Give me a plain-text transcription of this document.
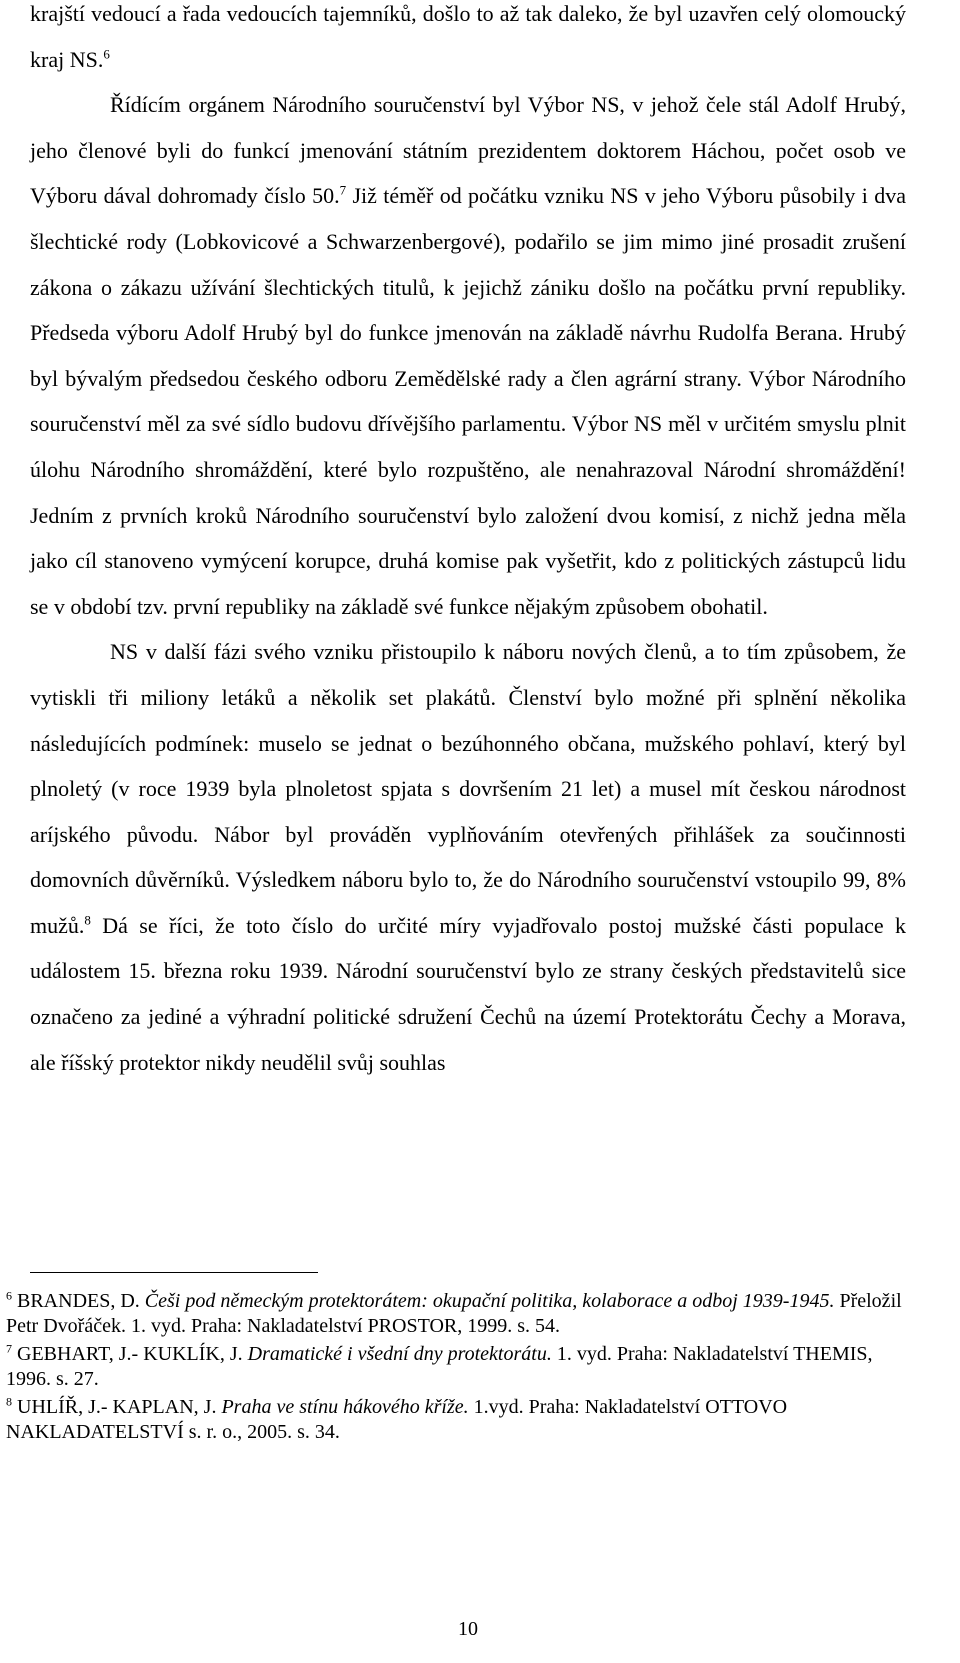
krajští vedoucí a řada vedoucích tajemníků, došlo to až tak daleko, že byl uzavřen celý olomoucký kraj NS.$^6$

Řídícím orgánem Národního souručenství byl Výbor NS, v jehož čele stál Adolf Hrubý, jeho členové byli do funkcí jmenování státním prezidentem doktorem Háchou, počet osob ve Výboru dával dohromady číslo 50.$^7$ Již téměř od počátku vzniku NS v jeho Výboru působily i dva šlechtické rody (Lobkovicové a Schwarzenbergové), podařilo se jim mimo jiné prosadit zrušení zákona o zákazu užívání šlechtických titulů, k jejichž zániku došlo na počátku první republiky. Předseda výboru Adolf Hrubý byl do funkce jmenován na základě návrhu Rudolfa Berana. Hrubý byl bývalým předsedou českého odboru Zemědělské rady a člen agrární strany. Výbor Národního souručenství měl za své sídlo budovu dřívějšího parlamentu. Výbor NS měl v určitém smyslu plnit úlohu Národního shromáždění, které bylo rozpuštěno, ale nenahrazoval Národní shromáždění! Jedním z prvních kroků Národního souručenství bylo založení dvou komisí, z nichž jedna měla jako cíl stanoveno vymýcení korupce, druhá komise pak vyšetřit, kdo z politických zástupců lidu se v období tzv. první republiky na základě své funkce nějakým způsobem obohatil.

NS v další fázi svého vzniku přistoupilo k náboru nových členů, a to tím způsobem, že vytiskli tři miliony letáků a několik set plakátů. Členství bylo možné při splnění několika následujících podmínek: muselo se jednat o bezúhonného občana, mužského pohlaví, který byl plnoletý (v roce 1939 byla plnoletost spjata s dovršením 21 let) a musel mít českou národnost aríjského původu. Nábor byl prováděn vyplňováním otevřených přihlášek za součinnosti domovních důvěrníků. Výsledkem náboru bylo to, že do Národního souručenství vstoupilo 99, 8% mužů.$^8$ Dá se říci, že toto číslo do určité míry vyjadřovalo postoj mužské části populace k událostem 15. března roku 1939. Národní souručenství bylo ze strany českých představitelů sice označeno za jediné a výhradní politické sdružení Čechů na území Protektorátu Čechy a Morava, ale říšský protektor nikdy neudělil svůj souhlas

$^6$ BRANDES, D. Češi pod německým protektorátem: okupační politika, kolaborace a odboj 1939-1945. Přeložil Petr Dvořáček. 1. vyd. Praha: Nakladatelství PROSTOR, 1999. s. 54.

$^7$ GEBHART, J.- KUKLÍK, J. Dramatické i všední dny protektorátu. 1. vyd. Praha: Nakladatelství THEMIS, 1996. s. 27.

$^8$ UHLÍŘ, J.- KAPLAN, J. Praha ve stínu hákového kříže. 1.vyd. Praha: Nakladatelství OTTOVO NAKLADATELSTVÍ s. r. o., 2005. s. 34.

10
